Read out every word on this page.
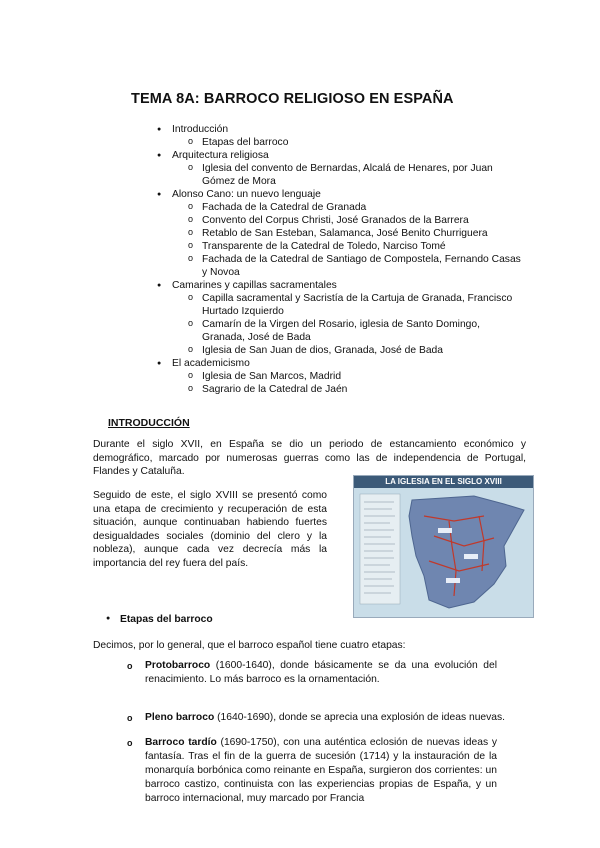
TEMA 8A: BARROCO RELIGIOSO EN ESPAÑA
● Introducción
o Etapas del barroco
● Arquitectura religiosa
o Iglesia del convento de Bernardas, Alcalá de Henares, por Juan Gómez de Mora
● Alonso Cano: un nuevo lenguaje
o Fachada de la Catedral de Granada
o Convento del Corpus Christi, José Granados de la Barrera
o Retablo de San Esteban, Salamanca, José Benito Churriguera
o Transparente de la Catedral de Toledo, Narciso Tomé
o Fachada de la Catedral de Santiago de Compostela, Fernando Casas y Novoa
● Camarines y capillas sacramentales
o Capilla sacramental y Sacristía de la Cartuja de Granada, Francisco Hurtado Izquierdo
o Camarín de la Virgen del Rosario, iglesia de Santo Domingo, Granada, José de Bada
o Iglesia de San Juan de dios, Granada, José de Bada
● El academicismo
o Iglesia de San Marcos, Madrid
o Sagrario de la Catedral de Jaén
INTRODUCCIÓN
Durante el siglo XVII, en España se dio un periodo de estancamiento económico y demográfico, marcado por numerosas guerras como las de independencia de Portugal, Flandes y Cataluña.
Seguido de este, el siglo XVIII se presentó como una etapa de crecimiento y recuperación de esta situación, aunque continuaban habiendo fuertes desigualdades sociales (dominio del clero y la nobleza), aunque cada vez decrecía más la importancia del rey fuera del país.
LA IGLESIA EN EL SIGLO XVIII
● Etapas del barroco
Decimos, por lo general, que el barroco español tiene cuatro etapas:
o Protobarroco (1600-1640), donde básicamente se da una evolución del renacimiento. Lo más barroco es la ornamentación.
o Pleno barroco (1640-1690), donde se aprecia una explosión de ideas nuevas.
o Barroco tardío (1690-1750), con una auténtica eclosión de nuevas ideas y fantasía. Tras el fin de la guerra de sucesión (1714) y la instauración de la monarquía borbónica como reinante en España, surgieron dos corrientes: un barroco castizo, continuista con las experiencias propias de España, y un barroco internacional, muy marcado por Francia
